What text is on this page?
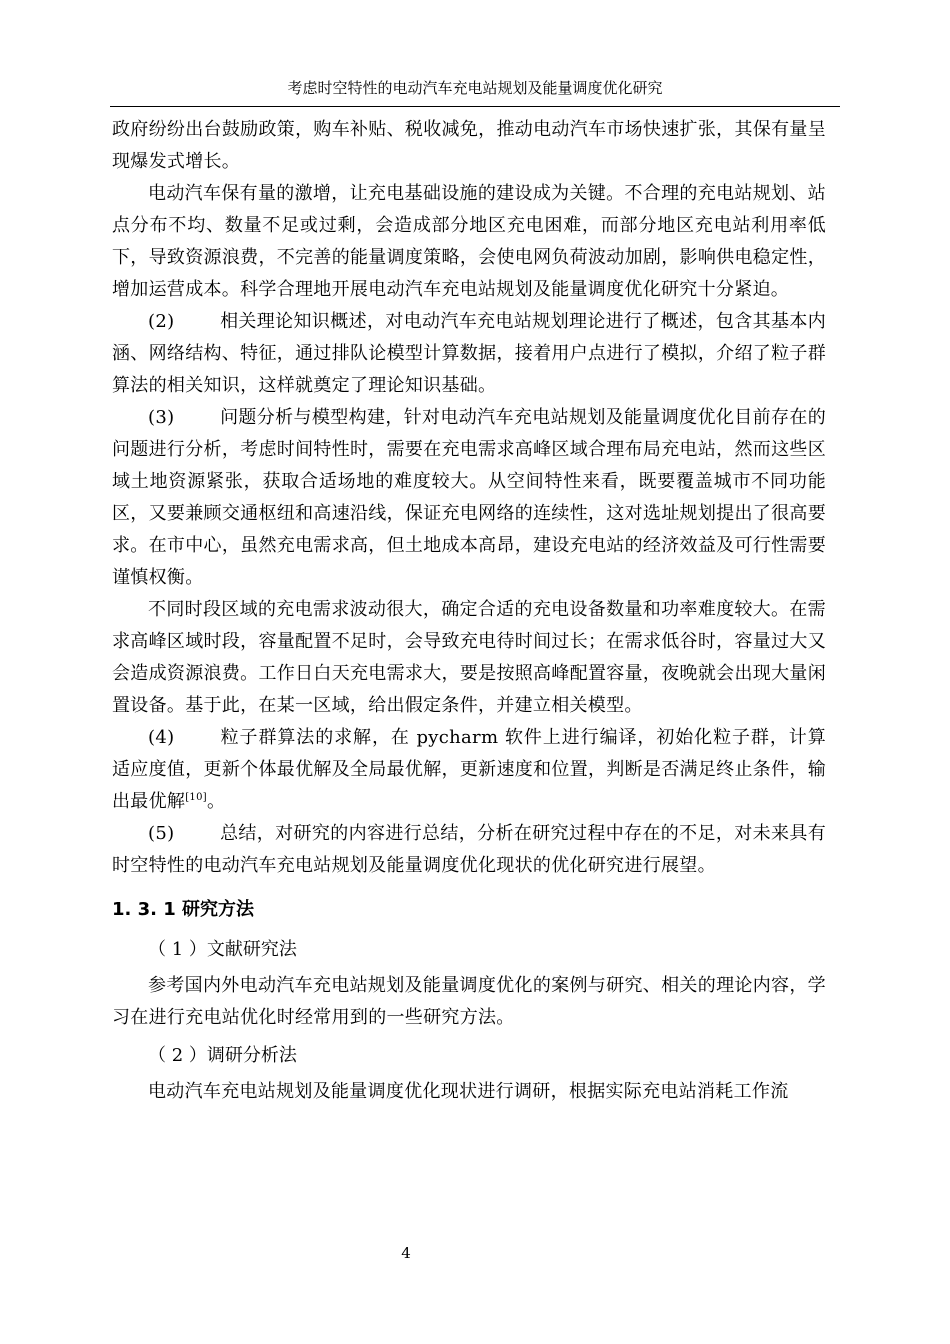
考虑时空特性的电动汽车充电站规划及能量调度优化研究

政府纷纷出台鼓励政策，购车补贴、税收减免，推动电动汽车市场快速扩张，其保有量呈现爆发式增长。

电动汽车保有量的激增，让充电基础设施的建设成为关键。不合理的充电站规划、站点分布不均、数量不足或过剩，会造成部分地区充电困难，而部分地区充电站利用率低下，导致资源浪费，不完善的能量调度策略，会使电网负荷波动加剧，影响供电稳定性，增加运营成本。科学合理地开展电动汽车充电站规划及能量调度优化研究十分紧迫。

(2)	相关理论知识概述，对电动汽车充电站规划理论进行了概述，包含其基本内涵、网络结构、特征，通过排队论模型计算数据，接着用户点进行了模拟，介绍了粒子群算法的相关知识，这样就奠定了理论知识基础。

(3)	问题分析与模型构建，针对电动汽车充电站规划及能量调度优化目前存在的问题进行分析，考虑时间特性时，需要在充电需求高峰区域合理布局充电站，然而这些区域土地资源紧张，获取合适场地的难度较大。从空间特性来看，既要覆盖城市不同功能区，又要兼顾交通枢纽和高速沿线，保证充电网络的连续性，这对选址规划提出了很高要求。在市中心，虽然充电需求高，但土地成本高昂，建设充电站的经济效益及可行性需要谨慎权衡。

不同时段区域的充电需求波动很大，确定合适的充电设备数量和功率难度较大。在需求高峰区域时段，容量配置不足时，会导致充电待时间过长；在需求低谷时，容量过大又会造成资源浪费。工作日白天充电需求大，要是按照高峰配置容量，夜晚就会出现大量闲置设备。基于此，在某一区域，给出假定条件，并建立相关模型。

(4)	粒子群算法的求解，在 pycharm 软件上进行编译，初始化粒子群，计算适应度值，更新个体最优解及全局最优解，更新速度和位置，判断是否满足终止条件，输出最优解[10]。

(5)	总结，对研究的内容进行总结，分析在研究过程中存在的不足，对未来具有时空特性的电动汽车充电站规划及能量调度优化现状的优化研究进行展望。

1. 3. 1 研究方法
（ 1 ）文献研究法

参考国内外电动汽车充电站规划及能量调度优化的案例与研究、相关的理论内容，学习在进行充电站优化时经常用到的一些研究方法。

（ 2 ）调研分析法

电动汽车充电站规划及能量调度优化现状进行调研，根据实际充电站消耗工作流

4
